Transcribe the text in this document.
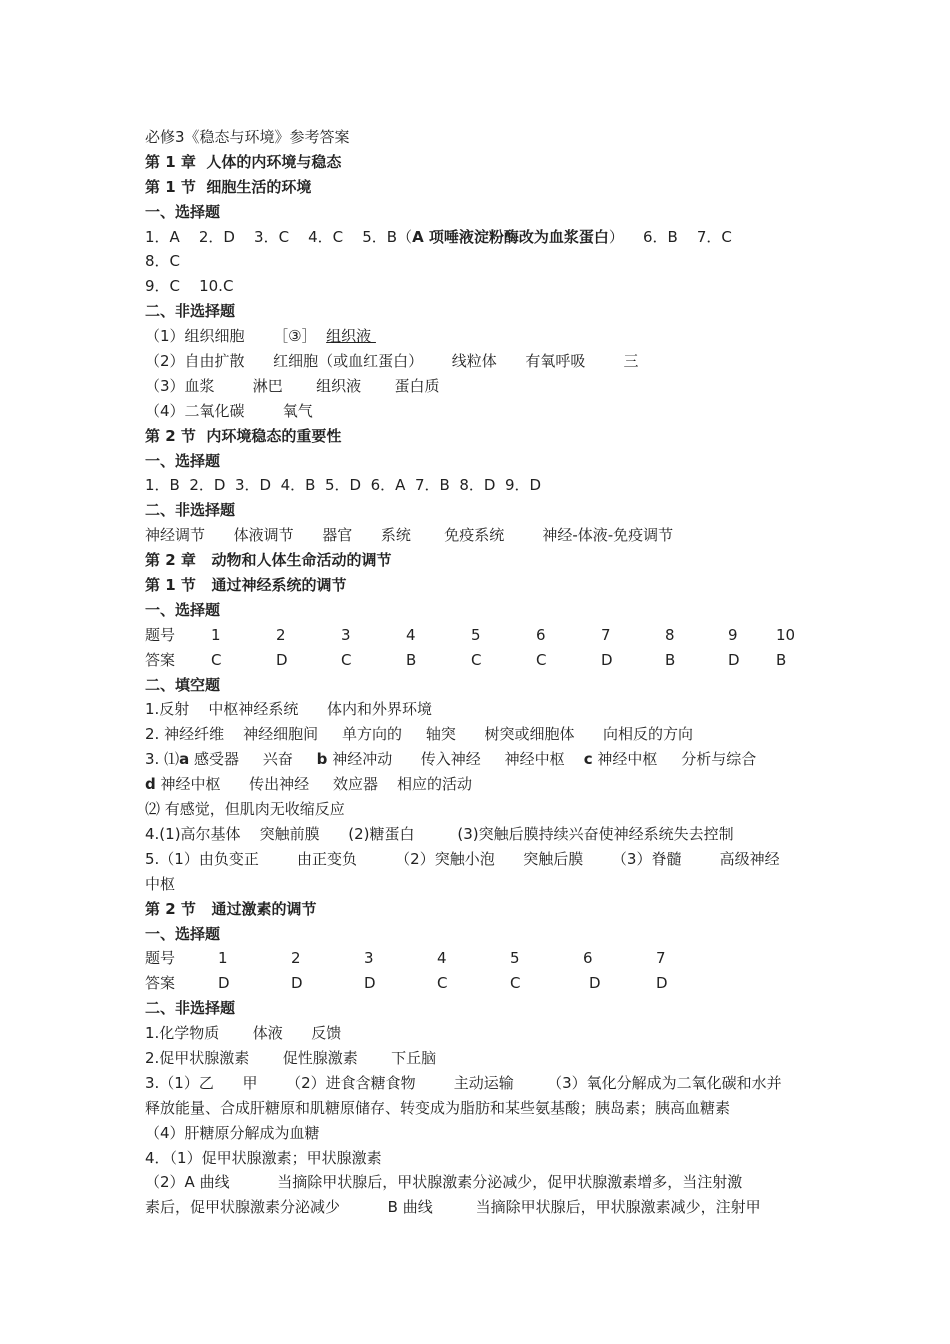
必修3《稳态与环境》参考答案
第 1 章  人体的内环境与稳态
第 1 节  细胞生活的环境
一、选择题
1．A    2．D    3．C    4．C    5．B（A 项唾液淀粉酶改为血浆蛋白）    6．B    7．C
8．C
9．C    10.C
二、非选择题
（1）组织细胞      ［③］  组织液
（2）自由扩散      红细胞（或血红蛋白）      线粒体      有氧呼吸        三
（3）血浆        淋巴       组织液       蛋白质
（4）二氧化碳        氧气
第 2 节  内环境稳态的重要性
一、选择题
1．B  2．D  3．D  4．B  5．D  6．A  7．B  8．D  9．D
二、非选择题
神经调节      体液调节      器官      系统       免疫系统        神经-体液-免疫调节
第 2 章   动物和人体生命活动的调节
第 1 节   通过神经系统的调节
一、选择题
题号	1	2	3	4	5	6	7	8	9	10
答案	C	D	C	B	C	C	D	B	D	B
二、填空题
1.反射    中枢神经系统      体内和外界环境
2. 神经纤维    神经细胞间     单方向的     轴突      树突或细胞体      向相反的方向
3. ⑴a 感受器     兴奋     b 神经冲动      传入神经     神经中枢    c 神经中枢     分析与综合
d 神经中枢      传出神经     效应器    相应的活动
⑵ 有感觉，但肌肉无收缩反应
4.(1)高尔基体    突触前膜      (2)糖蛋白         (3)突触后膜持续兴奋使神经系统失去控制
5.（1）由负变正        由正变负        （2）突触小泡      突触后膜      （3）脊髓        高级神经
中枢
第 2 节   通过激素的调节
一、选择题
题号	1	2	3	4	5	6	7
答案	D	D	D	C	C	D	D
二、非选择题
1.化学物质       体液      反馈
2.促甲状腺激素       促性腺激素       下丘脑
3.（1）乙      甲      （2）进食含糖食物        主动运输       （3）氧化分解成为二氧化碳和水并
释放能量、合成肝糖原和肌糖原储存、转变成为脂肪和某些氨基酸；胰岛素；胰高血糖素
（4）肝糖原分解成为血糖
4．（1）促甲状腺激素；甲状腺激素
（2）A 曲线          当摘除甲状腺后，甲状腺激素分泌减少，促甲状腺激素增多，当注射激
素后，促甲状腺激素分泌减少          B 曲线         当摘除甲状腺后，甲状腺激素减少，注射甲
